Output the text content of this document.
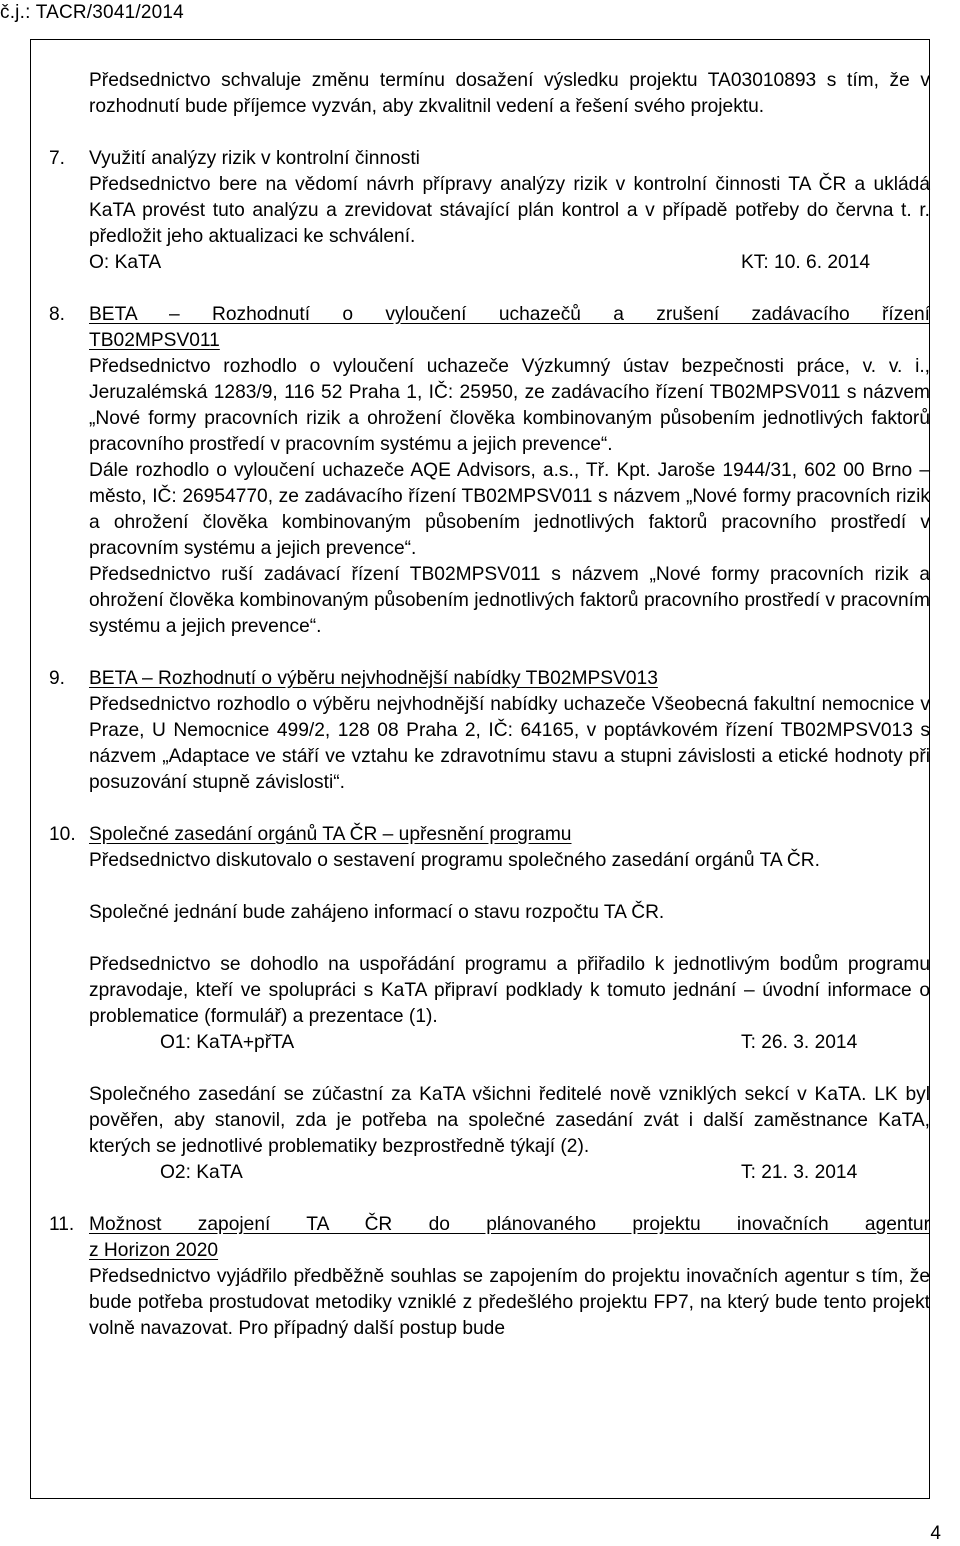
č.j.: TACR/3041/2014

Předsednictvo schvaluje změnu termínu dosažení výsledku projektu TA03010893 s tím, že v rozhodnutí bude příjemce vyzván, aby zkvalitnil vedení a řešení svého projektu.

7.	Využití analýzy rizik v kontrolní činnosti

Předsednictvo bere na vědomí návrh přípravy analýzy rizik v kontrolní činnosti TA ČR a ukládá KaTA provést tuto analýzu a zrevidovat stávající plán kontrol a v případě potřeby do června t. r. předložit jeho aktualizaci ke schválení.

O: KaTA	KT: 10. 6. 2014
8.	BETA – Rozhodnutí o vyloučení uchazečů a zrušení zadávacího řízení
TB02MPSV011

Předsednictvo rozhodlo o vyloučení uchazeče Výzkumný ústav bezpečnosti práce, v. v. i., Jeruzalémská 1283/9, 116 52 Praha 1, IČ: 25950, ze zadávacího řízení TB02MPSV011 s názvem „Nové formy pracovních rizik a ohrožení člověka kombinovaným působením jednotlivých faktorů pracovního prostředí v pracovním systému a jejich prevence“.

Dále rozhodlo o vyloučení uchazeče AQE Advisors, a.s., Tř. Kpt. Jaroše 1944/31, 602 00 Brno – město, IČ: 26954770, ze zadávacího řízení TB02MPSV011 s názvem „Nové formy pracovních rizik a ohrožení člověka kombinovaným působením jednotlivých faktorů pracovního prostředí v pracovním systému a jejich prevence“.

Předsednictvo ruší zadávací řízení TB02MPSV011 s názvem „Nové formy pracovních rizik a ohrožení člověka kombinovaným působením jednotlivých faktorů pracovního prostředí v pracovním systému a jejich prevence“.

9.	BETA – Rozhodnutí o výběru nejvhodnější nabídky TB02MPSV013

Předsednictvo rozhodlo o výběru nejvhodnější nabídky uchazeče Všeobecná fakultní nemocnice v Praze, U Nemocnice 499/2, 128 08 Praha 2, IČ: 64165, v poptávkovém řízení TB02MPSV013 s názvem „Adaptace ve stáří ve vztahu ke zdravotnímu stavu a stupni závislosti a etické hodnoty při posuzování stupně závislosti“.

10. Společné zasedání orgánů TA ČR – upřesnění programu

Předsednictvo diskutovalo o sestavení programu společného zasedání orgánů TA ČR.

Společné jednání bude zahájeno informací o stavu rozpočtu TA ČR.

Předsednictvo se dohodlo na uspořádání programu a přiřadilo k jednotlivým bodům programu zpravodaje, kteří ve spolupráci s KaTA připraví podklady k tomuto jednání – úvodní informace o problematice (formulář) a prezentace (1).

O1: KaTA+přTA	T: 26. 3. 2014

Společného zasedání se zúčastní za KaTA všichni ředitelé nově vzniklých sekcí v KaTA. LK byl pověřen, aby stanovil, zda je potřeba na společné zasedání zvát i další zaměstnance KaTA, kterých se jednotlivé problematiky bezprostředně týkají (2).

O2: KaTA	T: 21. 3. 2014
11. Možnost zapojení TA ČR do plánovaného projektu inovačních agentur
z Horizon 2020

Předsednictvo vyjádřilo předběžně souhlas se zapojením do projektu inovačních agentur s tím, že bude potřeba prostudovat metodiky vzniklé z předešlého projektu FP7, na který bude tento projekt volně navazovat. Pro případný další postup bude

4
